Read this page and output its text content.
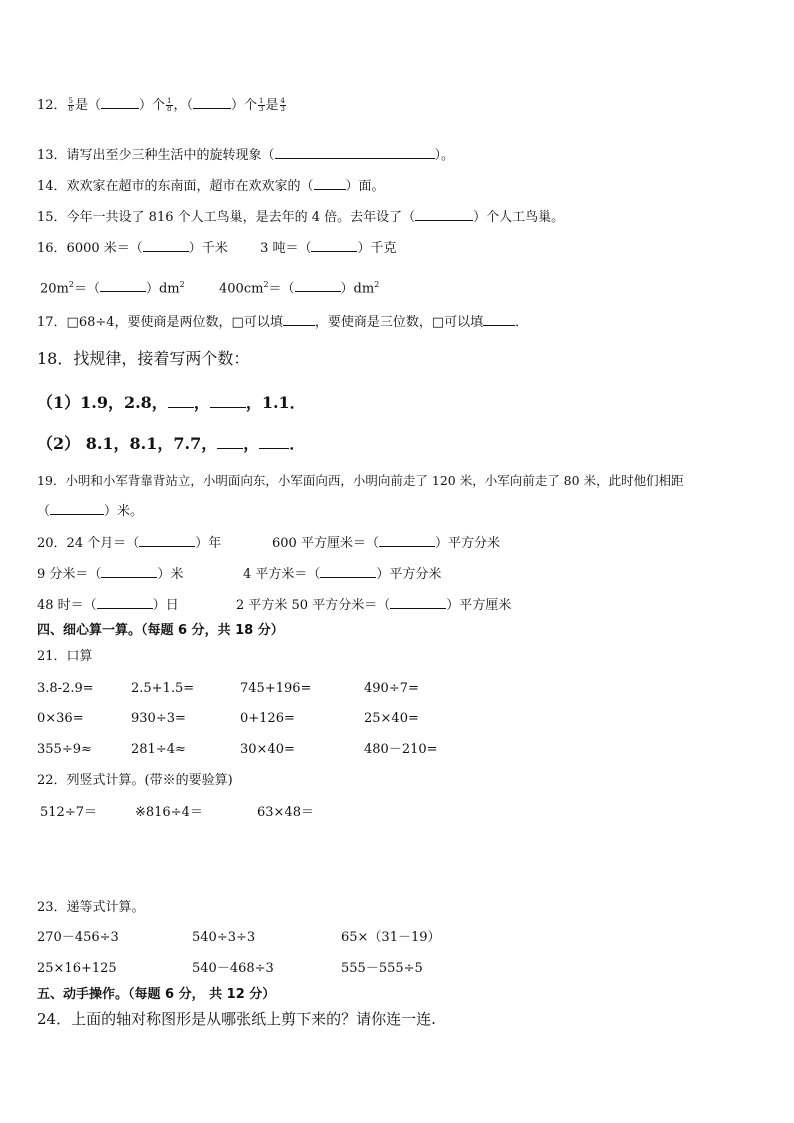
12． $\frac{5}{8}$ 是（	）个 $\frac{1}{8}$ ，（	）个 $\frac{1}{3}$ 是 $\frac{4}{3}$
13．请写出至少三种生活中的旋转现象（	）。
14．欢欢家在超市的东南面，超市在欢欢家的（ ）面。
15．今年一共设了 816 个人工鸟巢，是去年的 4 倍。去年设了（	）个人工鸟巢。
16．6000 米＝（	）千米 3 吨＝（	）千克
$20m^2=$（	）$dm^2$	$400cm^2=$（	）$dm^2$
17．□68÷4，要使商是两位数，□可以填 ，要使商是三位数，□可以填 ．
18．找规律，接着写两个数：
（1）1.9，2.8， ， ，1.1．
（2） 8.1，8.1，7.7， ， ．
19．小明和小军背靠背站立，小明面向东，小军面向西，小明向前走了 120 米，小军向前走了 80 米，此时他们相距
（	）米。
20．24 个月＝（	）年	600 平方厘米＝（	）平方分米
9 分米＝（	）米	4 平方米＝（	）平方分米
48 时＝（	）日	2 平方米 50 平方分米＝（	）平方厘米
四、细心算一算。（每题 6 分，共 18 分）
21．口算
3.8-2.9=	2.5+1.5=	745+196=	490÷7=
0×36=	930÷3=	0+126=	25×40=
355÷9≈	281÷4≈	30×40=	480－210=
22．列竖式计算。(带※的要验算)
512÷7＝	※816÷4＝	63×48＝
23．递等式计算。
270－456÷3	540÷3÷3	65×（31－19）
25×16+125	540－468÷3	555－555÷5
五、动手操作。（每题 6 分， 共 12 分）
24．上面的轴对称图形是从哪张纸上剪下来的？请你连一连.
